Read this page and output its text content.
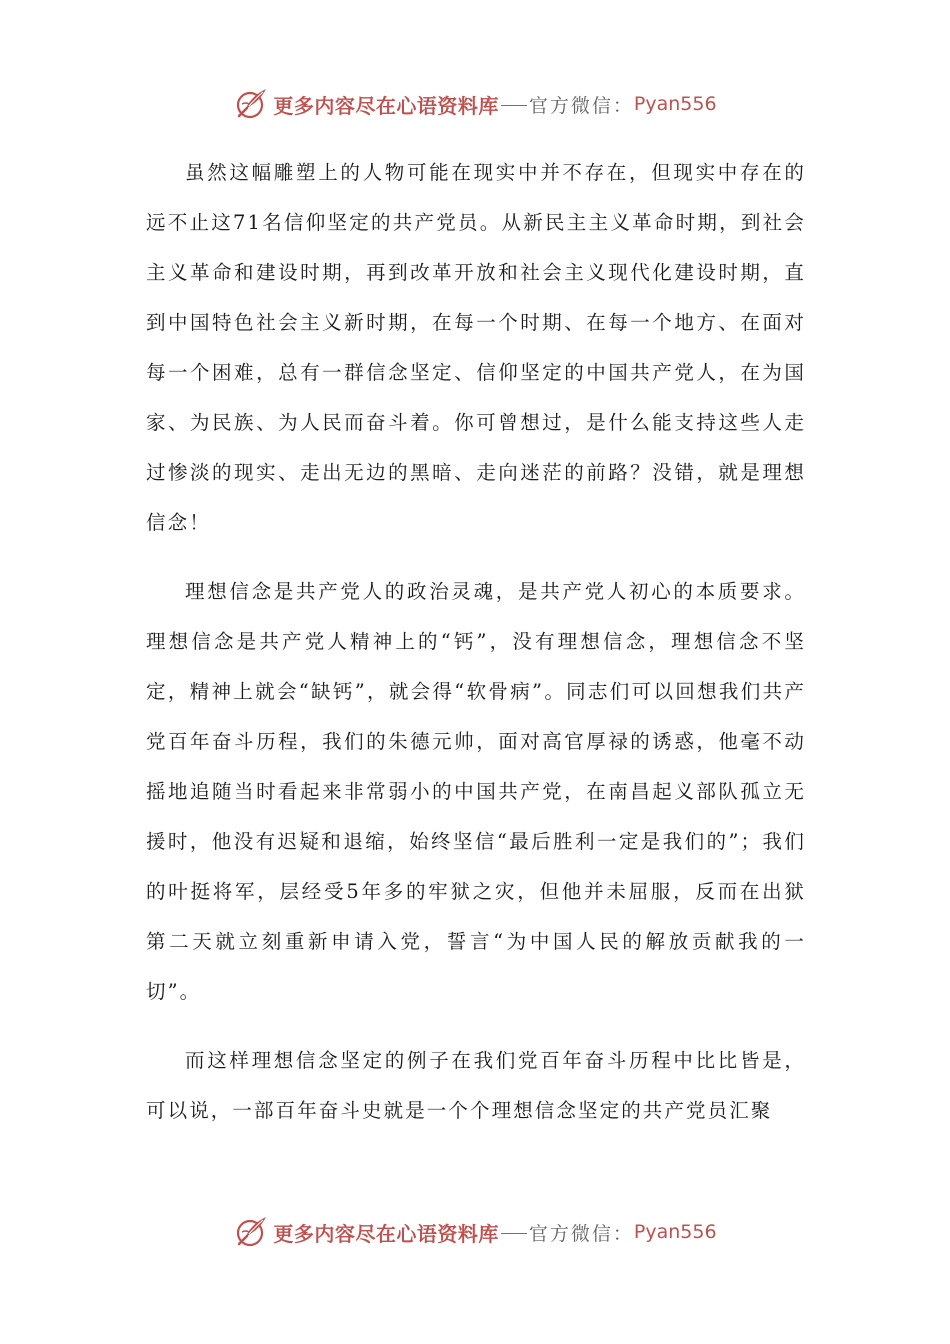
更多内容尽在心语资料库 官方微信： Pyan556

虽然这幅雕塑上的人物可能在现实中并不存在，但现实中存在的远不止这71名信仰坚定的共产党员。从新民主主义革命时期，到社会主义革命和建设时期，再到改革开放和社会主义现代化建设时期，直到中国特色社会主义新时期，在每一个时期、在每一个地方、在面对每一个困难，总有一群信念坚定、信仰坚定的中国共产党人，在为国家、为民族、为人民而奋斗着。你可曾想过，是什么能支持这些人走过惨淡的现实、走出无边的黑暗、走向迷茫的前路？没错，就是理想信念！

理想信念是共产党人的政治灵魂，是共产党人初心的本质要求。理想信念是共产党人精神上的“钙”，没有理想信念，理想信念不坚定，精神上就会“缺钙”，就会得“软骨病”。同志们可以回想我们共产党百年奋斗历程，我们的朱德元帅，面对高官厚禄的诱惑，他毫不动摇地追随当时看起来非常弱小的中国共产党，在南昌起义部队孤立无援时，他没有迟疑和退缩，始终坚信“最后胜利一定是我们的”；我们的叶挺将军，层经受5年多的牢狱之灾，但他并未屈服，反而在出狱第二天就立刻重新申请入党，誓言“为中国人民的解放贡献我的一切”。

而这样理想信念坚定的例子在我们党百年奋斗历程中比比皆是，可以说，一部百年奋斗史就是一个个理想信念坚定的共产党员汇聚

更多内容尽在心语资料库 官方微信： Pyan556
